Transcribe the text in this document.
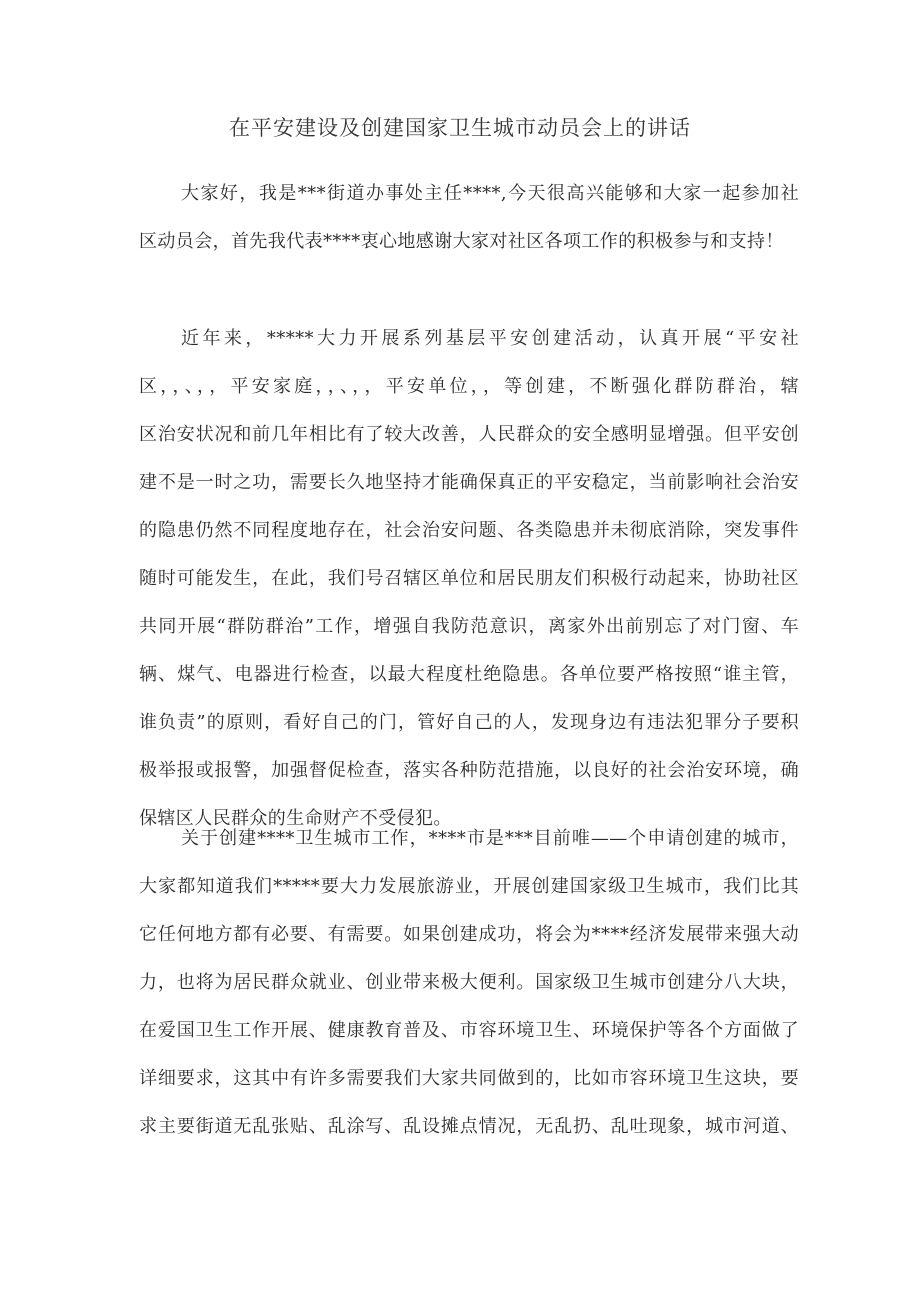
在平安建设及创建国家卫生城市动员会上的讲话
大家好，我是***街道办事处主任****,今天很高兴能够和大家一起参加社
区动员会，首先我代表****衷心地感谢大家对社区各项工作的积极参与和支持！
近年来，*****大力开展系列基层平安创建活动，认真开展“平安社
区，，、，，平安家庭，，、，，平安单位，，等创建，不断强化群防群治，辖
区治安状况和前几年相比有了较大改善，人民群众的安全感明显增强。但平安创
建不是一时之功，需要长久地坚持才能确保真正的平安稳定，当前影响社会治安
的隐患仍然不同程度地存在，社会治安问题、各类隐患并未彻底消除，突发事件
随时可能发生，在此，我们号召辖区单位和居民朋友们积极行动起来，协助社区
共同开展“群防群治”工作，增强自我防范意识，离家外出前别忘了对门窗、车
辆、煤气、电器进行检查，以最大程度杜绝隐患。各单位要严格按照“谁主管，
谁负责”的原则，看好自己的门，管好自己的人，发现身边有违法犯罪分子要积
极举报或报警，加强督促检查，落实各种防范措施，以良好的社会治安环境，确
保辖区人民群众的生命财产不受侵犯。
关于创建****卫生城市工作，****市是***目前唯——个申请创建的城市，
大家都知道我们*****要大力发展旅游业，开展创建国家级卫生城市，我们比其
它任何地方都有必要、有需要。如果创建成功，将会为****经济发展带来强大动
力，也将为居民群众就业、创业带来极大便利。国家级卫生城市创建分八大块，
在爱国卫生工作开展、健康教育普及、市容环境卫生、环境保护等各个方面做了
详细要求，这其中有许多需要我们大家共同做到的，比如市容环境卫生这块，要
求主要街道无乱张贴、乱涂写、乱设摊点情况，无乱扔、乱吐现象，城市河道、
